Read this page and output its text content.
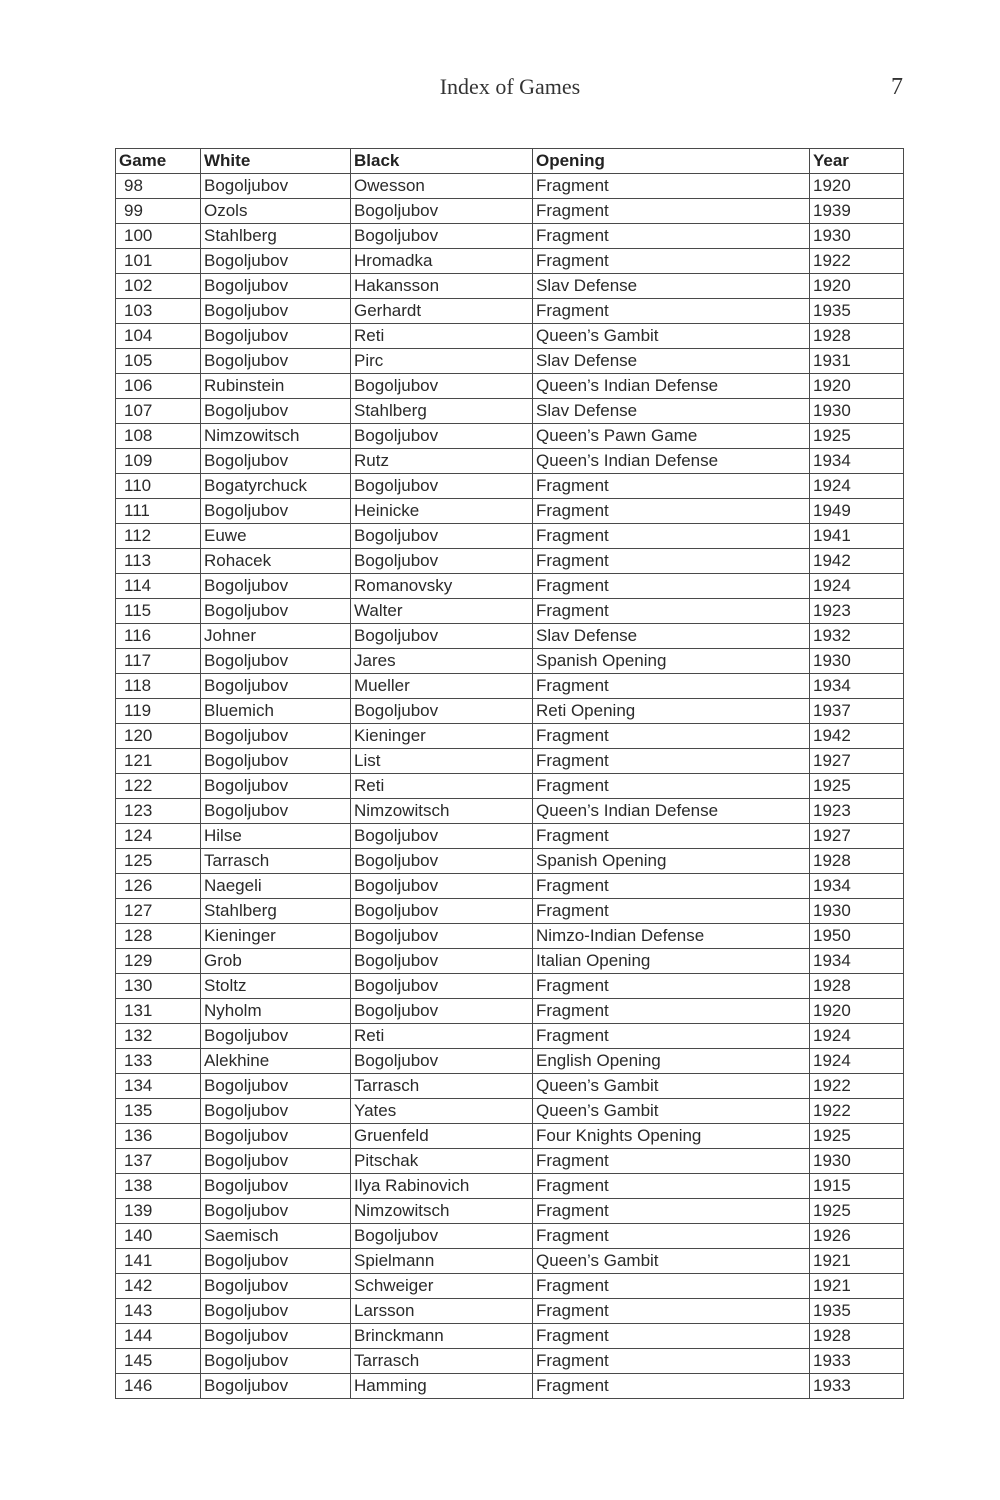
Index of Games	7
Game	White	Black	Opening	Year
98	Bogoljubov	Owesson	Fragment	1920
99	Ozols	Bogoljubov	Fragment	1939
100	Stahlberg	Bogoljubov	Fragment	1930
101	Bogoljubov	Hromadka	Fragment	1922
102	Bogoljubov	Hakansson	Slav Defense	1920
103	Bogoljubov	Gerhardt	Fragment	1935
104	Bogoljubov	Reti	Queen’s Gambit	1928
105	Bogoljubov	Pirc	Slav Defense	1931
106	Rubinstein	Bogoljubov	Queen’s Indian Defense	1920
107	Bogoljubov	Stahlberg	Slav Defense	1930
108	Nimzowitsch	Bogoljubov	Queen’s Pawn Game	1925
109	Bogoljubov	Rutz	Queen’s Indian Defense	1934
110	Bogatyrchuck	Bogoljubov	Fragment	1924
111	Bogoljubov	Heinicke	Fragment	1949
112	Euwe	Bogoljubov	Fragment	1941
113	Rohacek	Bogoljubov	Fragment	1942
114	Bogoljubov	Romanovsky	Fragment	1924
115	Bogoljubov	Walter	Fragment	1923
116	Johner	Bogoljubov	Slav Defense	1932
117	Bogoljubov	Jares	Spanish Opening	1930
118	Bogoljubov	Mueller	Fragment	1934
119	Bluemich	Bogoljubov	Reti Opening	1937
120	Bogoljubov	Kieninger	Fragment	1942
121	Bogoljubov	List	Fragment	1927
122	Bogoljubov	Reti	Fragment	1925
123	Bogoljubov	Nimzowitsch	Queen’s Indian Defense	1923
124	Hilse	Bogoljubov	Fragment	1927
125	Tarrasch	Bogoljubov	Spanish Opening	1928
126	Naegeli	Bogoljubov	Fragment	1934
127	Stahlberg	Bogoljubov	Fragment	1930
128	Kieninger	Bogoljubov	Nimzo-Indian Defense	1950
129	Grob	Bogoljubov	Italian Opening	1934
130	Stoltz	Bogoljubov	Fragment	1928
131	Nyholm	Bogoljubov	Fragment	1920
132	Bogoljubov	Reti	Fragment	1924
133	Alekhine	Bogoljubov	English Opening	1924
134	Bogoljubov	Tarrasch	Queen’s Gambit	1922
135	Bogoljubov	Yates	Queen’s Gambit	1922
136	Bogoljubov	Gruenfeld	Four Knights Opening	1925
137	Bogoljubov	Pitschak	Fragment	1930
138	Bogoljubov	Ilya Rabinovich	Fragment	1915
139	Bogoljubov	Nimzowitsch	Fragment	1925
140	Saemisch	Bogoljubov	Fragment	1926
141	Bogoljubov	Spielmann	Queen’s Gambit	1921
142	Bogoljubov	Schweiger	Fragment	1921
143	Bogoljubov	Larsson	Fragment	1935
144	Bogoljubov	Brinckmann	Fragment	1928
145	Bogoljubov	Tarrasch	Fragment	1933
146	Bogoljubov	Hamming	Fragment	1933
